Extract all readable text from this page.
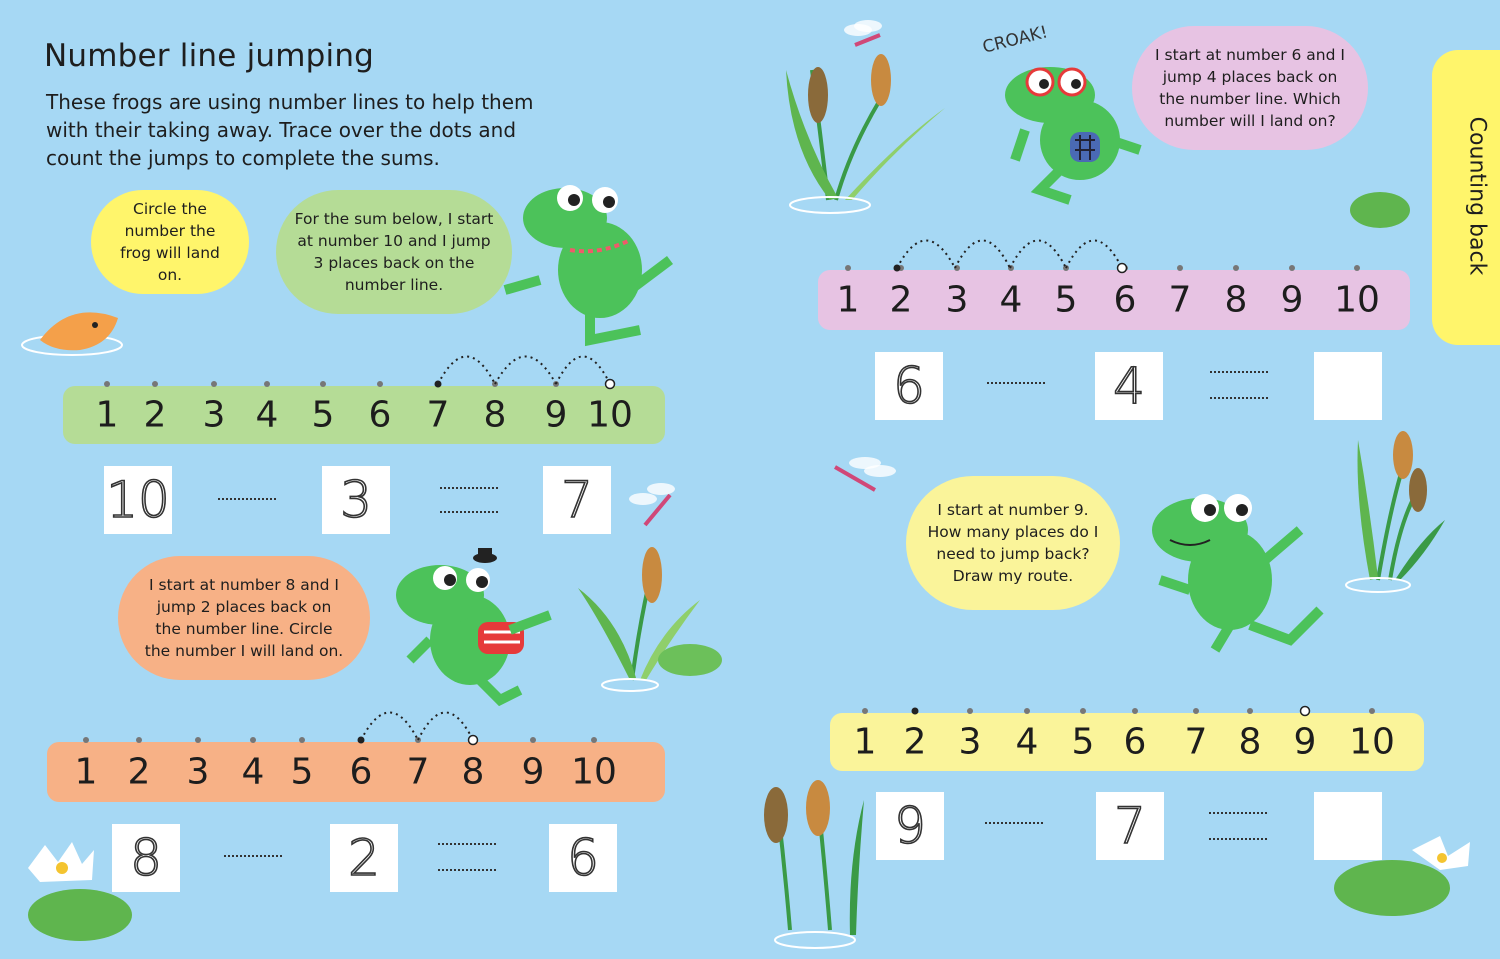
Number line jumping
These frogs are using number lines to help them with their taking away. Trace over the dots and count the jumps to complete the sums.
CROAK!
Counting back
Circle the number the frog will land on.
For the sum below, I start at number 10 and I jump 3 places back on the number line.
I start at number 8 and I jump 2 places back on the number line. Circle the number I will land on.
I start at number 6 and I jump 4 places back on the number line. Which number will I land on?
I start at number 9. How many places do I need to jump back? Draw my route.
1 2 3 4 5 6 7 8 9 10
1 2 3 4 5 6 7 8 9 10
1 2 3 4 5 6 7 8 9 10
1 2 3 4 5 6 7 8 9 10
10	3	7
8	2	6
6	4
9	7
